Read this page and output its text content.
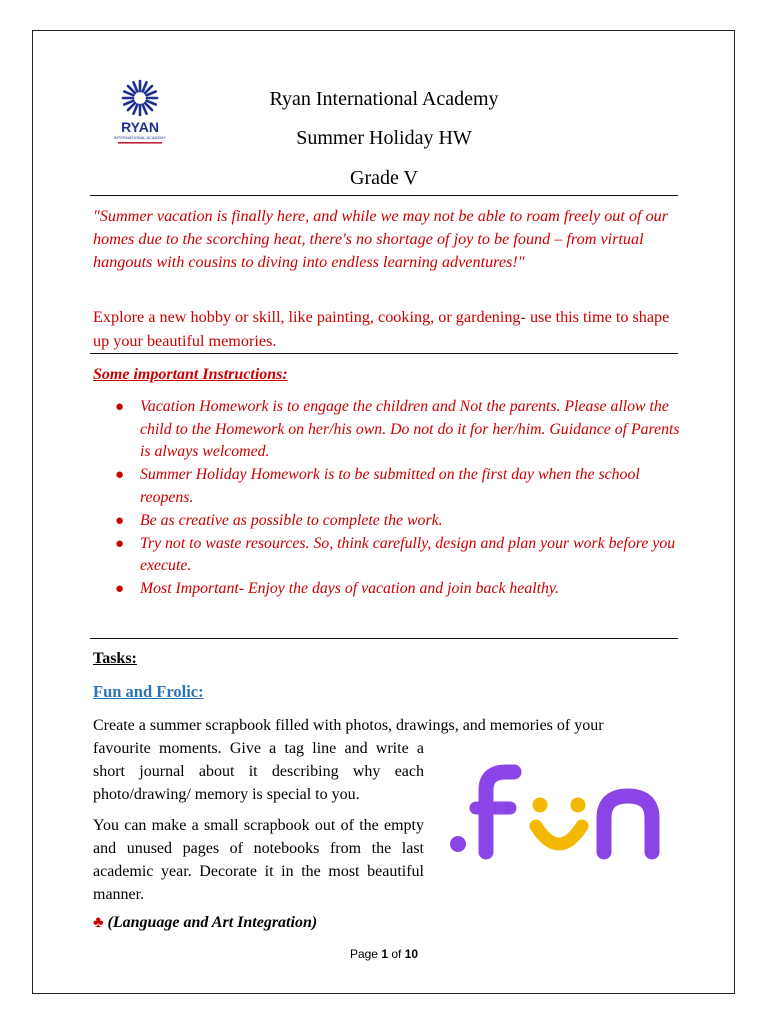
RYAN
INTERNATIONAL ACADEMY
Ryan International Academy
Summer Holiday HW
Grade V
"Summer vacation is finally here, and while we may not be able to roam freely out of our homes due to the scorching heat, there's no shortage of joy to be found – from virtual hangouts with cousins to diving into endless learning adventures!"
Explore a new hobby or skill, like painting, cooking, or gardening- use this time to shape up your beautiful memories.
Some important Instructions:
● Vacation Homework is to engage the children and Not the parents. Please allow the child to the Homework on her/his own. Do not do it for her/him. Guidance of Parents is always welcomed.
● Summer Holiday Homework is to be submitted on the first day when the school reopens.
● Be as creative as possible to complete the work.
● Try not to waste resources. So, think carefully, design and plan your work before you execute.
● Most Important- Enjoy the days of vacation and join back healthy.
Tasks:
Fun and Frolic:
Create a summer scrapbook filled with photos, drawings, and memories of your
favourite moments. Give a tag line and write a short journal about it describing why each photo/drawing/ memory is special to you.
You can make a small scrapbook out of the empty and unused pages of notebooks from the last academic year. Decorate it in the most beautiful manner.
♣ (Language and Art Integration)
Page 1 of 10
